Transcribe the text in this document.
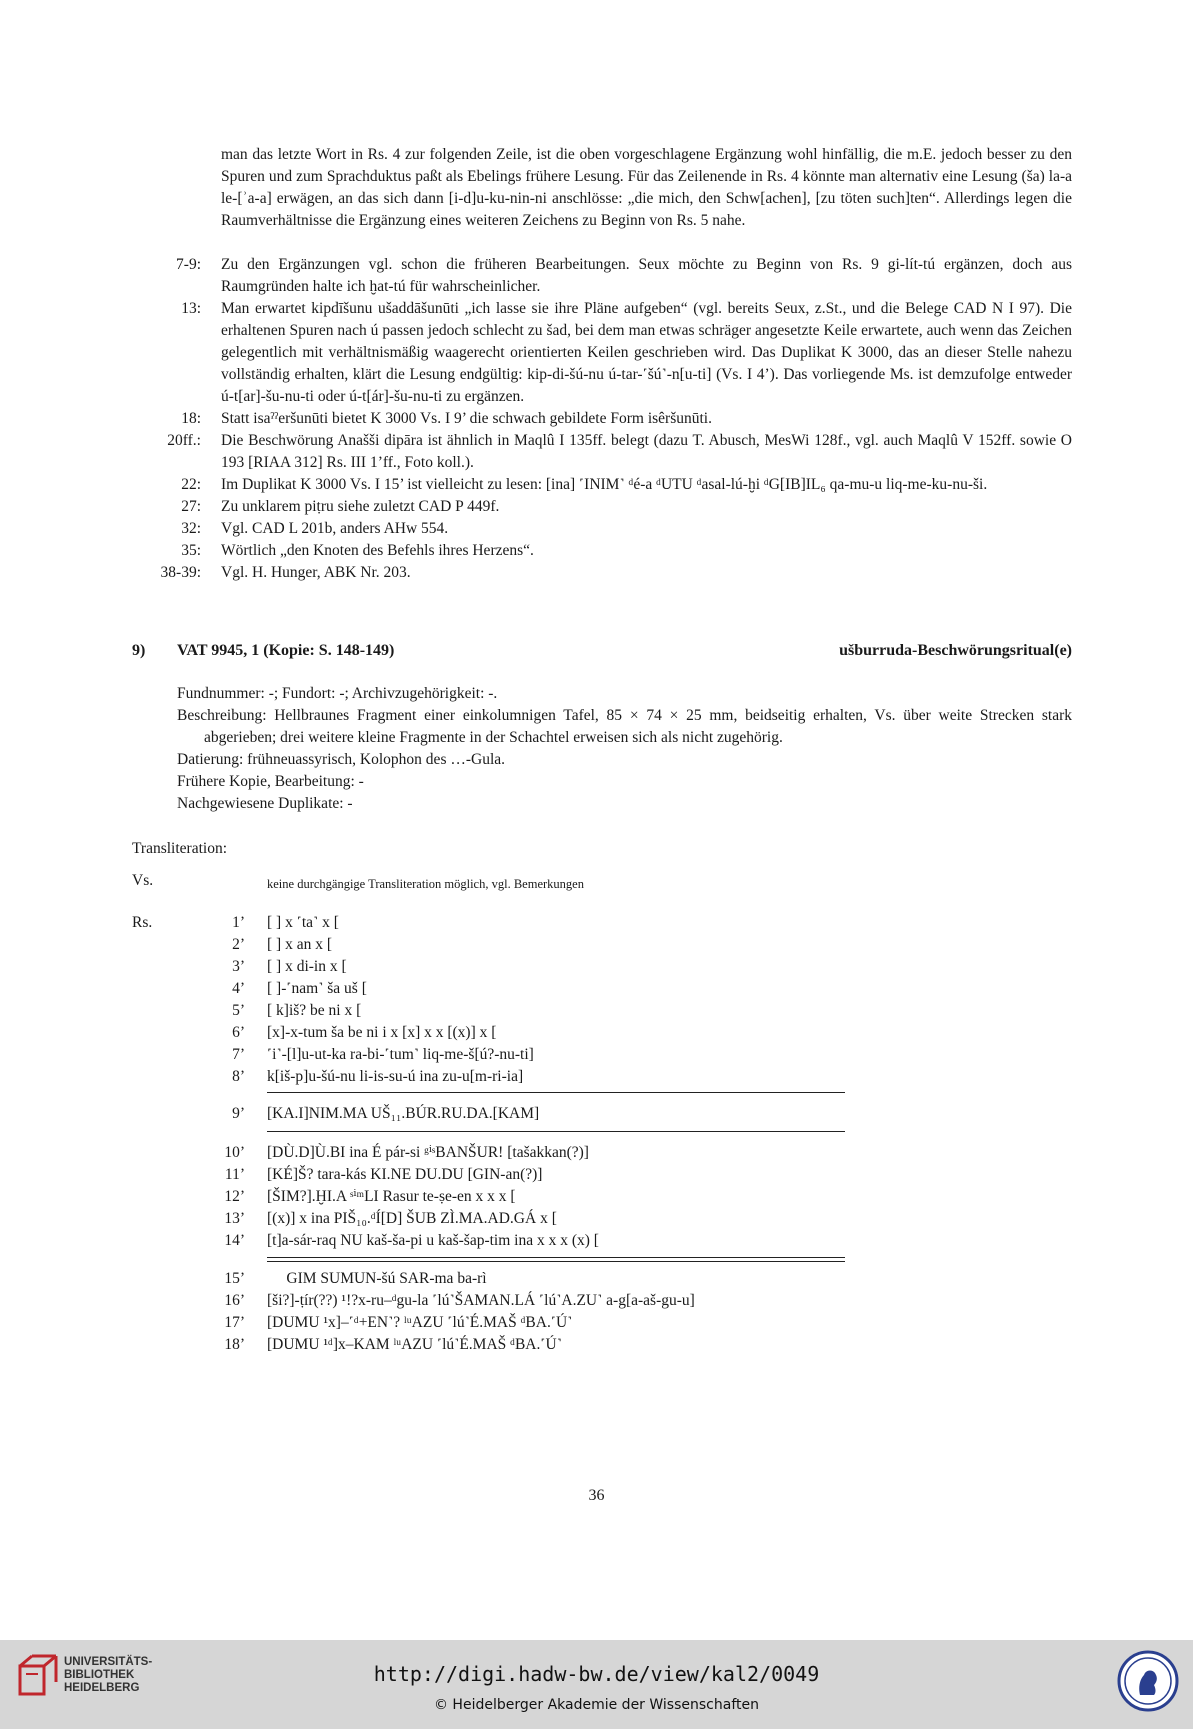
man das letzte Wort in Rs. 4 zur folgenden Zeile, ist die oben vorgeschlagene Ergänzung wohl hinfällig, die m.E. jedoch besser zu den Spuren und zum Sprachduktus paßt als Ebelings frühere Lesung. Für das Zeilenende in Rs. 4 könnte man alternativ eine Lesung (ša) la-a le-[ʾa-a] erwägen, an das sich dann [i-d]u-ku-nin-ni anschlösse: „die mich, den Schw[achen], [zu töten such]ten“. Allerdings legen die Raumverhältnisse die Ergänzung eines weiteren Zeichens zu Beginn von Rs. 5 nahe.
7-9:	Zu den Ergänzungen vgl. schon die früheren Bearbeitungen. Seux möchte zu Beginn von Rs. 9 gi-lít-tú ergänzen, doch aus Raumgründen halte ich ḫat-tú für wahrscheinlicher.
13:	Man erwartet kipdīšunu ušaddāšunūti „ich lasse sie ihre Pläne aufgeben“ (vgl. bereits Seux, z.St., und die Belege CAD N I 97). Die erhaltenen Spuren nach ú passen jedoch schlecht zu šad, bei dem man etwas schräger angesetzte Keile erwartete, auch wenn das Zeichen gelegentlich mit verhältnismäßig waagerecht orientierten Keilen geschrieben wird. Das Duplikat K 3000, das an dieser Stelle nahezu vollständig erhalten, klärt die Lesung endgültig: kip-di-šú-nu ú-tar-˹šú˺-n[u-ti] (Vs. I 4’). Das vorliegende Ms. ist demzufolge entweder ú-t[ar]-šu-nu-ti oder ú-t[ár]-šu-nu-ti zu ergänzen.
18:	Statt isaˀˀeršunūti bietet K 3000 Vs. I 9’ die schwach gebildete Form isêršunūti.
20ff.:	Die Beschwörung Anašši dipāra ist ähnlich in Maqlû I 135ff. belegt (dazu T. Abusch, MesWi 128f., vgl. auch Maqlû V 152ff. sowie O 193 [RIAA 312] Rs. III 1’ff., Foto koll.).
22:	Im Duplikat K 3000 Vs. I 15’ ist vielleicht zu lesen: [ina] ˹INIM˺ ᵈé-a ᵈUTU ᵈasal-lú-ḫi ᵈG[IB]IL₆ qa-mu-u liq-me-ku-nu-ši.
27:	Zu unklarem piṭru siehe zuletzt CAD P 449f.
32:	Vgl. CAD L 201b, anders AHw 554.
35:	Wörtlich „den Knoten des Befehls ihres Herzens“.
38-39:	Vgl. H. Hunger, ABK Nr. 203.
9) VAT 9945, 1 (Kopie: S. 148-149)	ušburruda-Beschwörungsritual(e)
Fundnummer: -; Fundort: -; Archivzugehörigkeit: -.
Beschreibung: Hellbraunes Fragment einer einkolumnigen Tafel, 85 × 74 × 25 mm, beidseitig erhalten, Vs. über weite Strecken stark abgerieben; drei weitere kleine Fragmente in der Schachtel erweisen sich als nicht zugehörig.
Datierung: frühneuassyrisch, Kolophon des …-Gula.
Frühere Kopie, Bearbeitung: -
Nachgewiesene Duplikate: -
Transliteration:
Vs.	keine durchgängige Transliteration möglich, vgl. Bemerkungen
Rs.	1’	[ ] x ˹ta˺ x [
2’	[ ] x an x [
3’	[ ] x di-in x [
4’	[ ]-˹nam˺ ša uš [
5’	[ k]iš? be ni x [
6’	[x]-x-tum ša be ni i x [x] x x [(x)] x [
7’	˹i˺-[l]u-ut-ka ra-bi-˹tum˺ liq-me-š[ú?-nu-ti]
8’	k[iš-p]u-šú-nu li-is-su-ú ina zu-u[m-ri-ia]
9’	[KA.I]NIM.MA UŠ₁₁.BÚR.RU.DA.[KAM]
10’	[DÙ.D]Ù.BI ina É pár-si ᵍⁱˢBANŠUR! [tašakkan(?)]
11’	[KÉ]Š? tara-kás KI.NE DU.DU [GIN-an(?)]
12’	[ŠIM?].ḪI.A ˢⁱᵐLI Rasur te-ṣe-en x x x [
13’	[(x)] x ina PIŠ₁₀.ᵈÍ[D] ŠUB ZÌ.MA.AD.GÁ x [
14’	[t]a-sár-raq NU kaš-ša-pi u kaš-šap-tim ina x x x (x) [
15’	GIM SUMUN-šú SAR-ma ba-rì
16’	[ši?]-ṭír(??) ¹!?x-ru–ᵈgu-la ˹lú˺ŠAMAN.LÁ ˹lú˺A.ZU˺ a-g[a-aš-gu-u]
17’	[DUMU ¹x]–˹ᵈ+EN˺? ˡᵘAZU ˹lú˺É.MAŠ ᵈBA.˹Ú˺
18’	[DUMU ¹ᵈ]x–KAM ˡᵘAZU ˹lú˺É.MAŠ ᵈBA.˹Ú˺
36
UNIVERSITÄTS-
BIBLIOTHEK
HEIDELBERG
http://digi.hadw-bw.de/view/kal2/0049
© Heidelberger Akademie der Wissenschaften
